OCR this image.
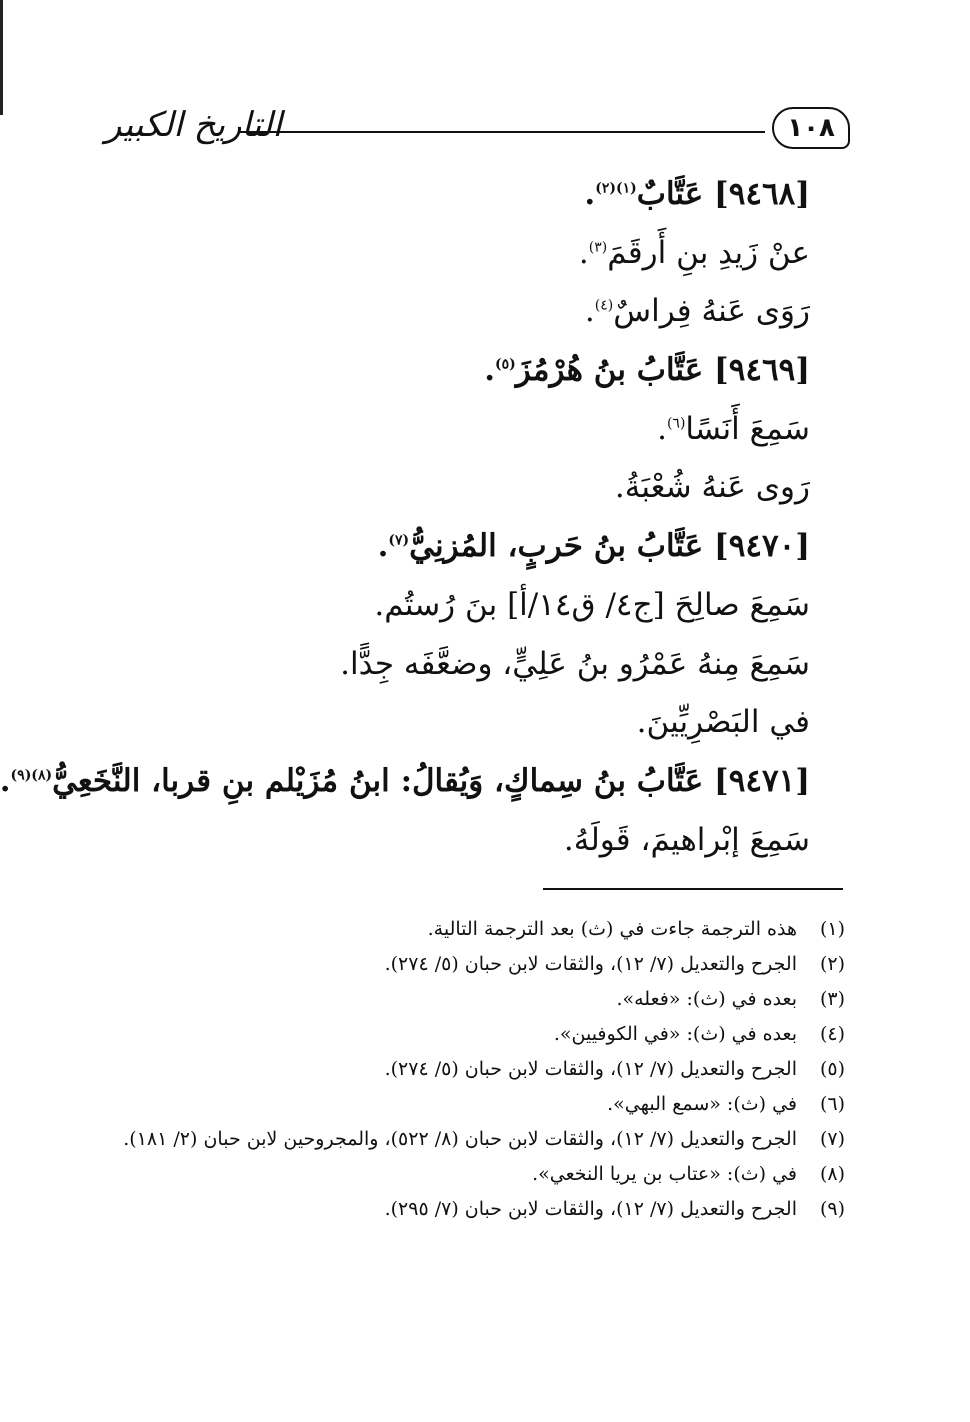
١٠٨
التاريخ الكبير
[٩٤٦٨] عَتَّابٌ$^{(١)(٢)}$.
عنْ زَيدِ بنِ أَرقَمَ$^{(٣)}$.
رَوَى عَنهُ فِراسٌ$^{(٤)}$.
[٩٤٦٩] عَتَّابُ بنُ هُرْمُزَ$^{(٥)}$.
سَمِعَ أَنَسًا$^{(٦)}$.
رَوى عَنهُ شُعْبَةُ.
[٩٤٧٠] عَتَّابُ بنُ حَربٍ، المُزنِيُّ$^{(٧)}$.
سَمِعَ صالِحَ [ج٤/ ق١٤/أ] بنَ رُستُم.
سَمِعَ مِنهُ عَمْرُو بنُ عَلِيٍّ، وضعَّفَه جِدًّا.
في البَصْرِيِّينَ.
[٩٤٧١] عَتَّابُ بنُ سِماكٍ، وَيُقالُ: ابنُ مُزَيْلم بنِ قربا، النَّخَعِيُّ$^{(٨)(٩)}$.
سَمِعَ إبْراهيمَ، قَولَهُ.
(١)
هذه الترجمة جاءت في (ث) بعد الترجمة التالية.
(٢)
الجرح والتعديل (٧/ ١٢)، والثقات لابن حبان (٥/ ٢٧٤).
(٣)
بعده في (ث): «فعله».
(٤)
بعده في (ث): «في الكوفيين».
(٥)
الجرح والتعديل (٧/ ١٢)، والثقات لابن حبان (٥/ ٢٧٤).
(٦)
في (ث): «سمع البهي».
(٧)
الجرح والتعديل (٧/ ١٢)، والثقات لابن حبان (٨/ ٥٢٢)، والمجروحين لابن حبان (٢/ ١٨١).
(٨)
في (ث): «عتاب بن يريا النخعي».
(٩)
الجرح والتعديل (٧/ ١٢)، والثقات لابن حبان (٧/ ٢٩٥).
